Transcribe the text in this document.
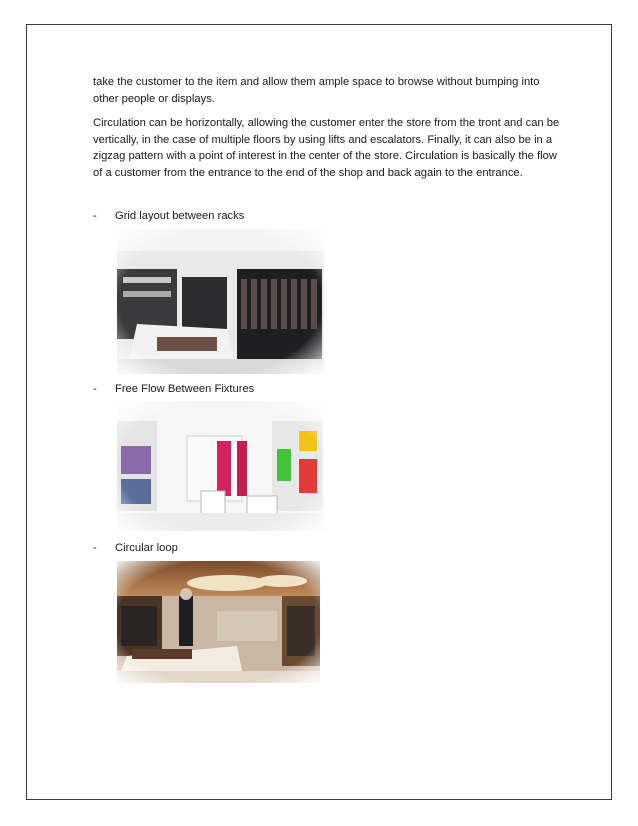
take the customer to the item and allow them ample space to browse without bumping into other people or displays.

Circulation can be horizontally, allowing the customer enter the store from the tront and can be vertically, in the case of multiple floors by using lifts and escalators. Finally, it can also be in a zigzag pattern with a point of interest in the center of the store. Circulation is basically the flow of a customer from the entrance to the end of the shop and back again to the entrance.

- Grid layout between racks
- Free Flow Between Fixtures
- Circular loop
